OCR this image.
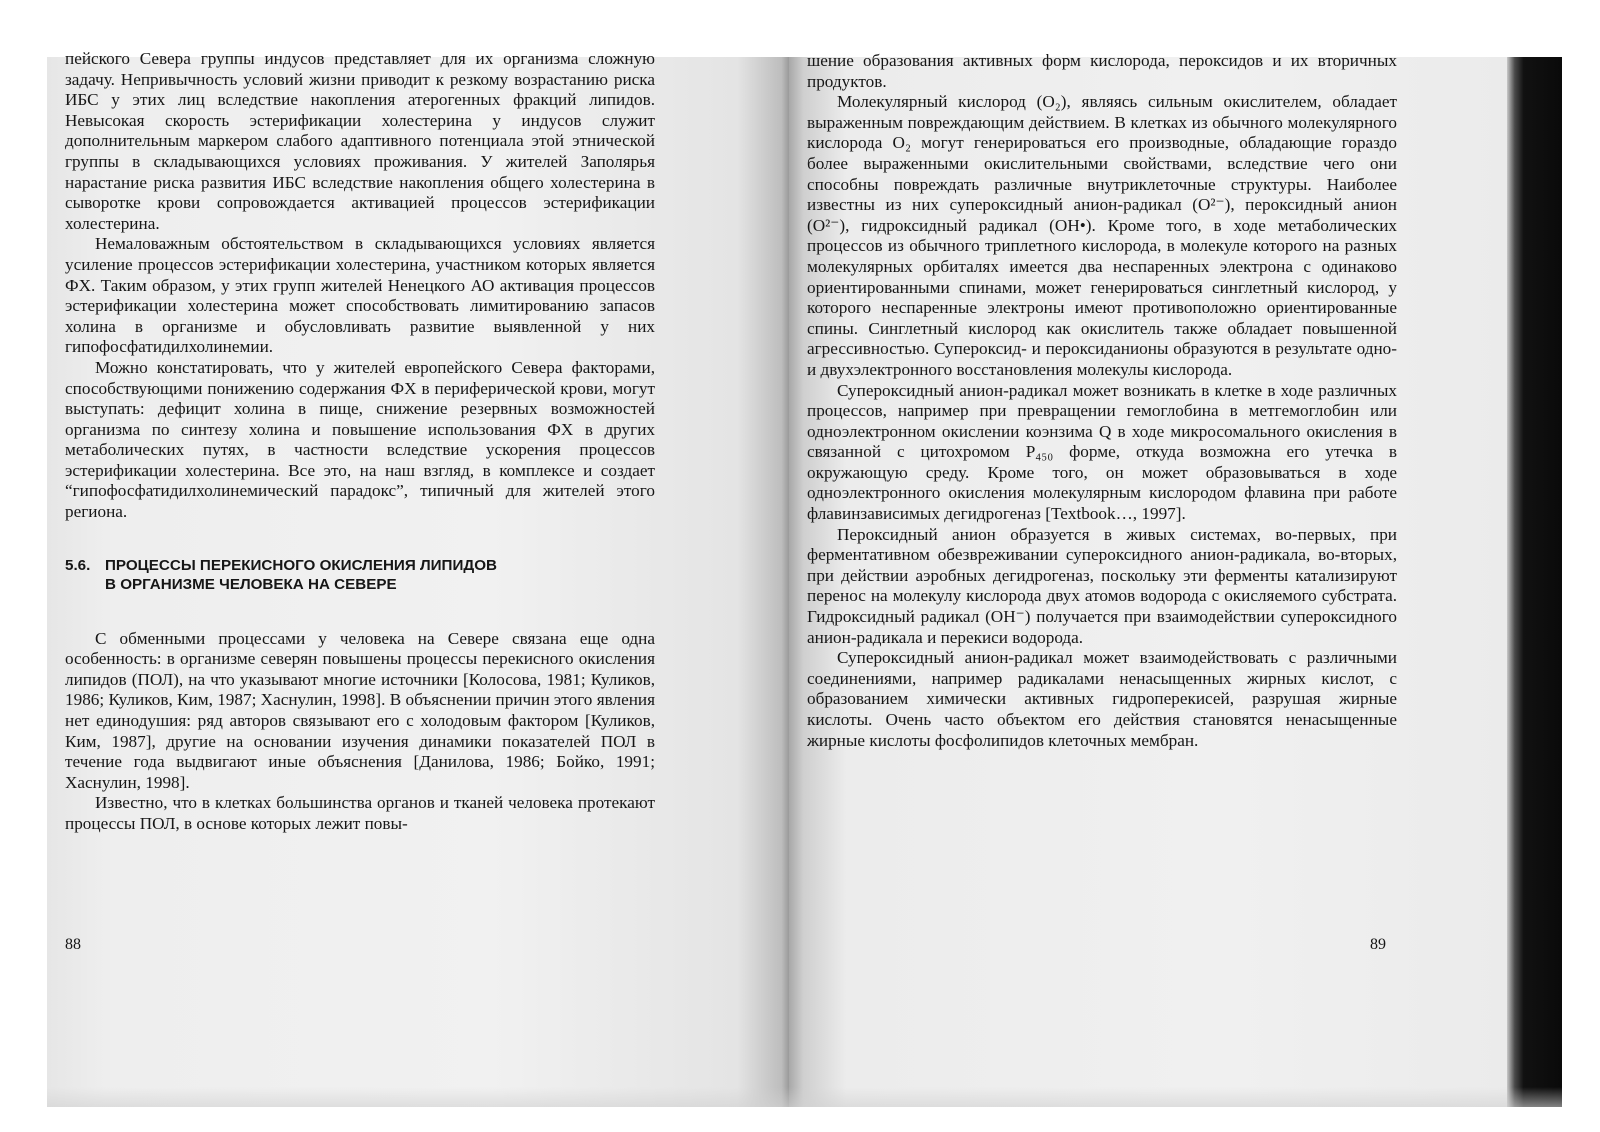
пейского Севера группы индусов представляет для их организма сложную задачу. Непривычность условий жизни приводит к резкому возрастанию риска ИБС у этих лиц вследствие накопления атерогенных фракций липидов. Невысокая скорость эстерификации холестерина у индусов служит дополнительным маркером слабого адаптивного потенциала этой этнической группы в складывающихся условиях проживания. У жителей Заполярья нарастание риска развития ИБС вследствие накопления общего холестерина в сыворотке крови сопровождается активацией процессов эстерификации холестерина.

Немаловажным обстоятельством в складывающихся условиях является усиление процессов эстерификации холестерина, участником которых является ФХ. Таким образом, у этих групп жителей Ненецкого АО активация процессов эстерификации холестерина может способствовать лимитированию запасов холина в организме и обусловливать развитие выявленной у них гипофосфатидилхолинемии.

Можно констатировать, что у жителей европейского Севера факторами, способствующими понижению содержания ФХ в периферической крови, могут выступать: дефицит холина в пище, снижение резервных возможностей организма по синтезу холина и повышение использования ФХ в других метаболических путях, в частности вследствие ускорения процессов эстерификации холестерина. Все это, на наш взгляд, в комплексе и создает “гипофосфатидилхолинемический парадокс”, типичный для жителей этого региона.

5.6. ПРОЦЕССЫ ПЕРЕКИСНОГО ОКИСЛЕНИЯ ЛИПИДОВ
В ОРГАНИЗМЕ ЧЕЛОВЕКА НА СЕВЕРЕ

С обменными процессами у человека на Севере связана еще одна особенность: в организме северян повышены процессы перекисного окисления липидов (ПОЛ), на что указывают многие источники [Колосова, 1981; Куликов, 1986; Куликов, Ким, 1987; Хаснулин, 1998]. В объяснении причин этого явления нет единодушия: ряд авторов связывают его с холодовым фактором [Куликов, Ким, 1987], другие на основании изучения динамики показателей ПОЛ в течение года выдвигают иные объяснения [Данилова, 1986; Бойко, 1991; Хаснулин, 1998].

Известно, что в клетках большинства органов и тканей человека протекают процессы ПОЛ, в основе которых лежит повы-

шение образования активных форм кислорода, пероксидов и их вторичных продуктов.

Молекулярный кислород (O₂), являясь сильным окислителем, обладает выраженным повреждающим действием. В клетках из обычного молекулярного кислорода O₂ могут генерироваться его производные, обладающие гораздо более выраженными окислительными свойствами, вследствие чего они способны повреждать различные внутриклеточные структуры. Наиболее известны из них супероксидный анион-радикал (O²⁻), пероксидный анион (O²⁻), гидроксидный радикал (OH•). Кроме того, в ходе метаболических процессов из обычного триплетного кислорода, в молекуле которого на разных молекулярных орбиталях имеется два неспаренных электрона с одинаково ориентированными спинами, может генерироваться синглетный кислород, у которого неспаренные электроны имеют противоположно ориентированные спины. Синглетный кислород как окислитель также обладает повышенной агрессивностью. Супероксид- и пероксиданионы образуются в результате одно- и двухэлектронного восстановления молекулы кислорода.

Супероксидный анион-радикал может возникать в клетке в ходе различных процессов, например при превращении гемоглобина в метгемоглобин или одноэлектронном окислении коэнзима Q в ходе микросомального окисления в связанной с цитохромом P₄₅₀ форме, откуда возможна его утечка в окружающую среду. Кроме того, он может образовываться в ходе одноэлектронного окисления молекулярным кислородом флавина при работе флавинзависимых дегидрогеназ [Textbook…, 1997].

Пероксидный анион образуется в живых системах, во-первых, при ферментативном обезвреживании супероксидного анион-радикала, во-вторых, при действии аэробных дегидрогеназ, поскольку эти ферменты катализируют перенос на молекулу кислорода двух атомов водорода с окисляемого субстрата. Гидроксидный радикал (OH⁻) получается при взаимодействии супероксидного анион-радикала и перекиси водорода.

Супероксидный анион-радикал может взаимодействовать с различными соединениями, например радикалами ненасыщенных жирных кислот, с образованием химически активных гидроперекисей, разрушая жирные кислоты. Очень часто объектом его действия становятся ненасыщенные жирные кислоты фосфолипидов клеточных мембран.

88	89
